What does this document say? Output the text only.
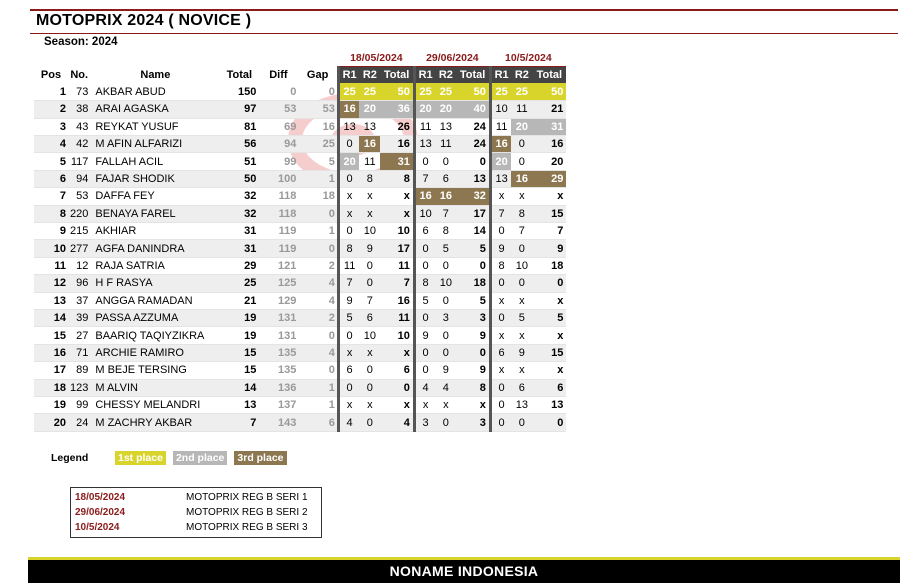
MOTOPRIX 2024 ( NOVICE )
Season: 2024
						18/05/2024			29/06/2024			10/5/2024		
Pos	No.	Name	Total	Diff	Gap	R1	R2	Total	R1	R2	Total	R1	R2	Total
1	73	AKBAR ABUD	150	0	0	25	25	50	25	25	50	25	25	50
2	38	ARAI AGASKA	97	53	53	16	20	36	20	20	40	10	11	21
3	43	REYKAT YUSUF	81	69	16	13	13	26	11	13	24	11	20	31
4	42	M AFIN ALFARIZI	56	94	25	0	16	16	13	11	24	16	0	16
5	117	FALLAH ACIL	51	99	5	20	11	31	0	0	0	20	0	20
6	94	FAJAR SHODIK	50	100	1	0	8	8	7	6	13	13	16	29
7	53	DAFFA FEY	32	118	18	x	x	x	16	16	32	x	x	x
8	220	BENAYA FAREL	32	118	0	x	x	x	10	7	17	7	8	15
9	215	AKHIAR	31	119	1	0	10	10	6	8	14	0	7	7
10	277	AGFA DANINDRA	31	119	0	8	9	17	0	5	5	9	0	9
11	12	RAJA SATRIA	29	121	2	11	0	11	0	0	0	8	10	18
12	96	H F RASYA	25	125	4	7	0	7	8	10	18	0	0	0
13	37	ANGGA RAMADAN	21	129	4	9	7	16	5	0	5	x	x	x
14	39	PASSA AZZUMA	19	131	2	5	6	11	0	3	3	0	5	5
15	27	BAARIQ TAQIYZIKRA	19	131	0	0	10	10	9	0	9	x	x	x
16	71	ARCHIE RAMIRO	15	135	4	x	x	x	0	0	0	6	9	15
17	89	M BEJE TERSING	15	135	0	6	0	6	0	9	9	x	x	x
18	123	M ALVIN	14	136	1	0	0	0	4	4	8	0	6	6
19	99	CHESSY MELANDRI	13	137	1	x	x	x	x	x	x	0	13	13
20	24	M ZACHRY AKBAR	7	143	6	4	0	4	3	0	3	0	0	0
Legend	1st place 2nd place 3rd place
18/05/2024	MOTOPRIX REG B SERI 1
29/06/2024	MOTOPRIX REG B SERI 2
10/5/2024	MOTOPRIX REG B SERI 3
NONAME INDONESIA
